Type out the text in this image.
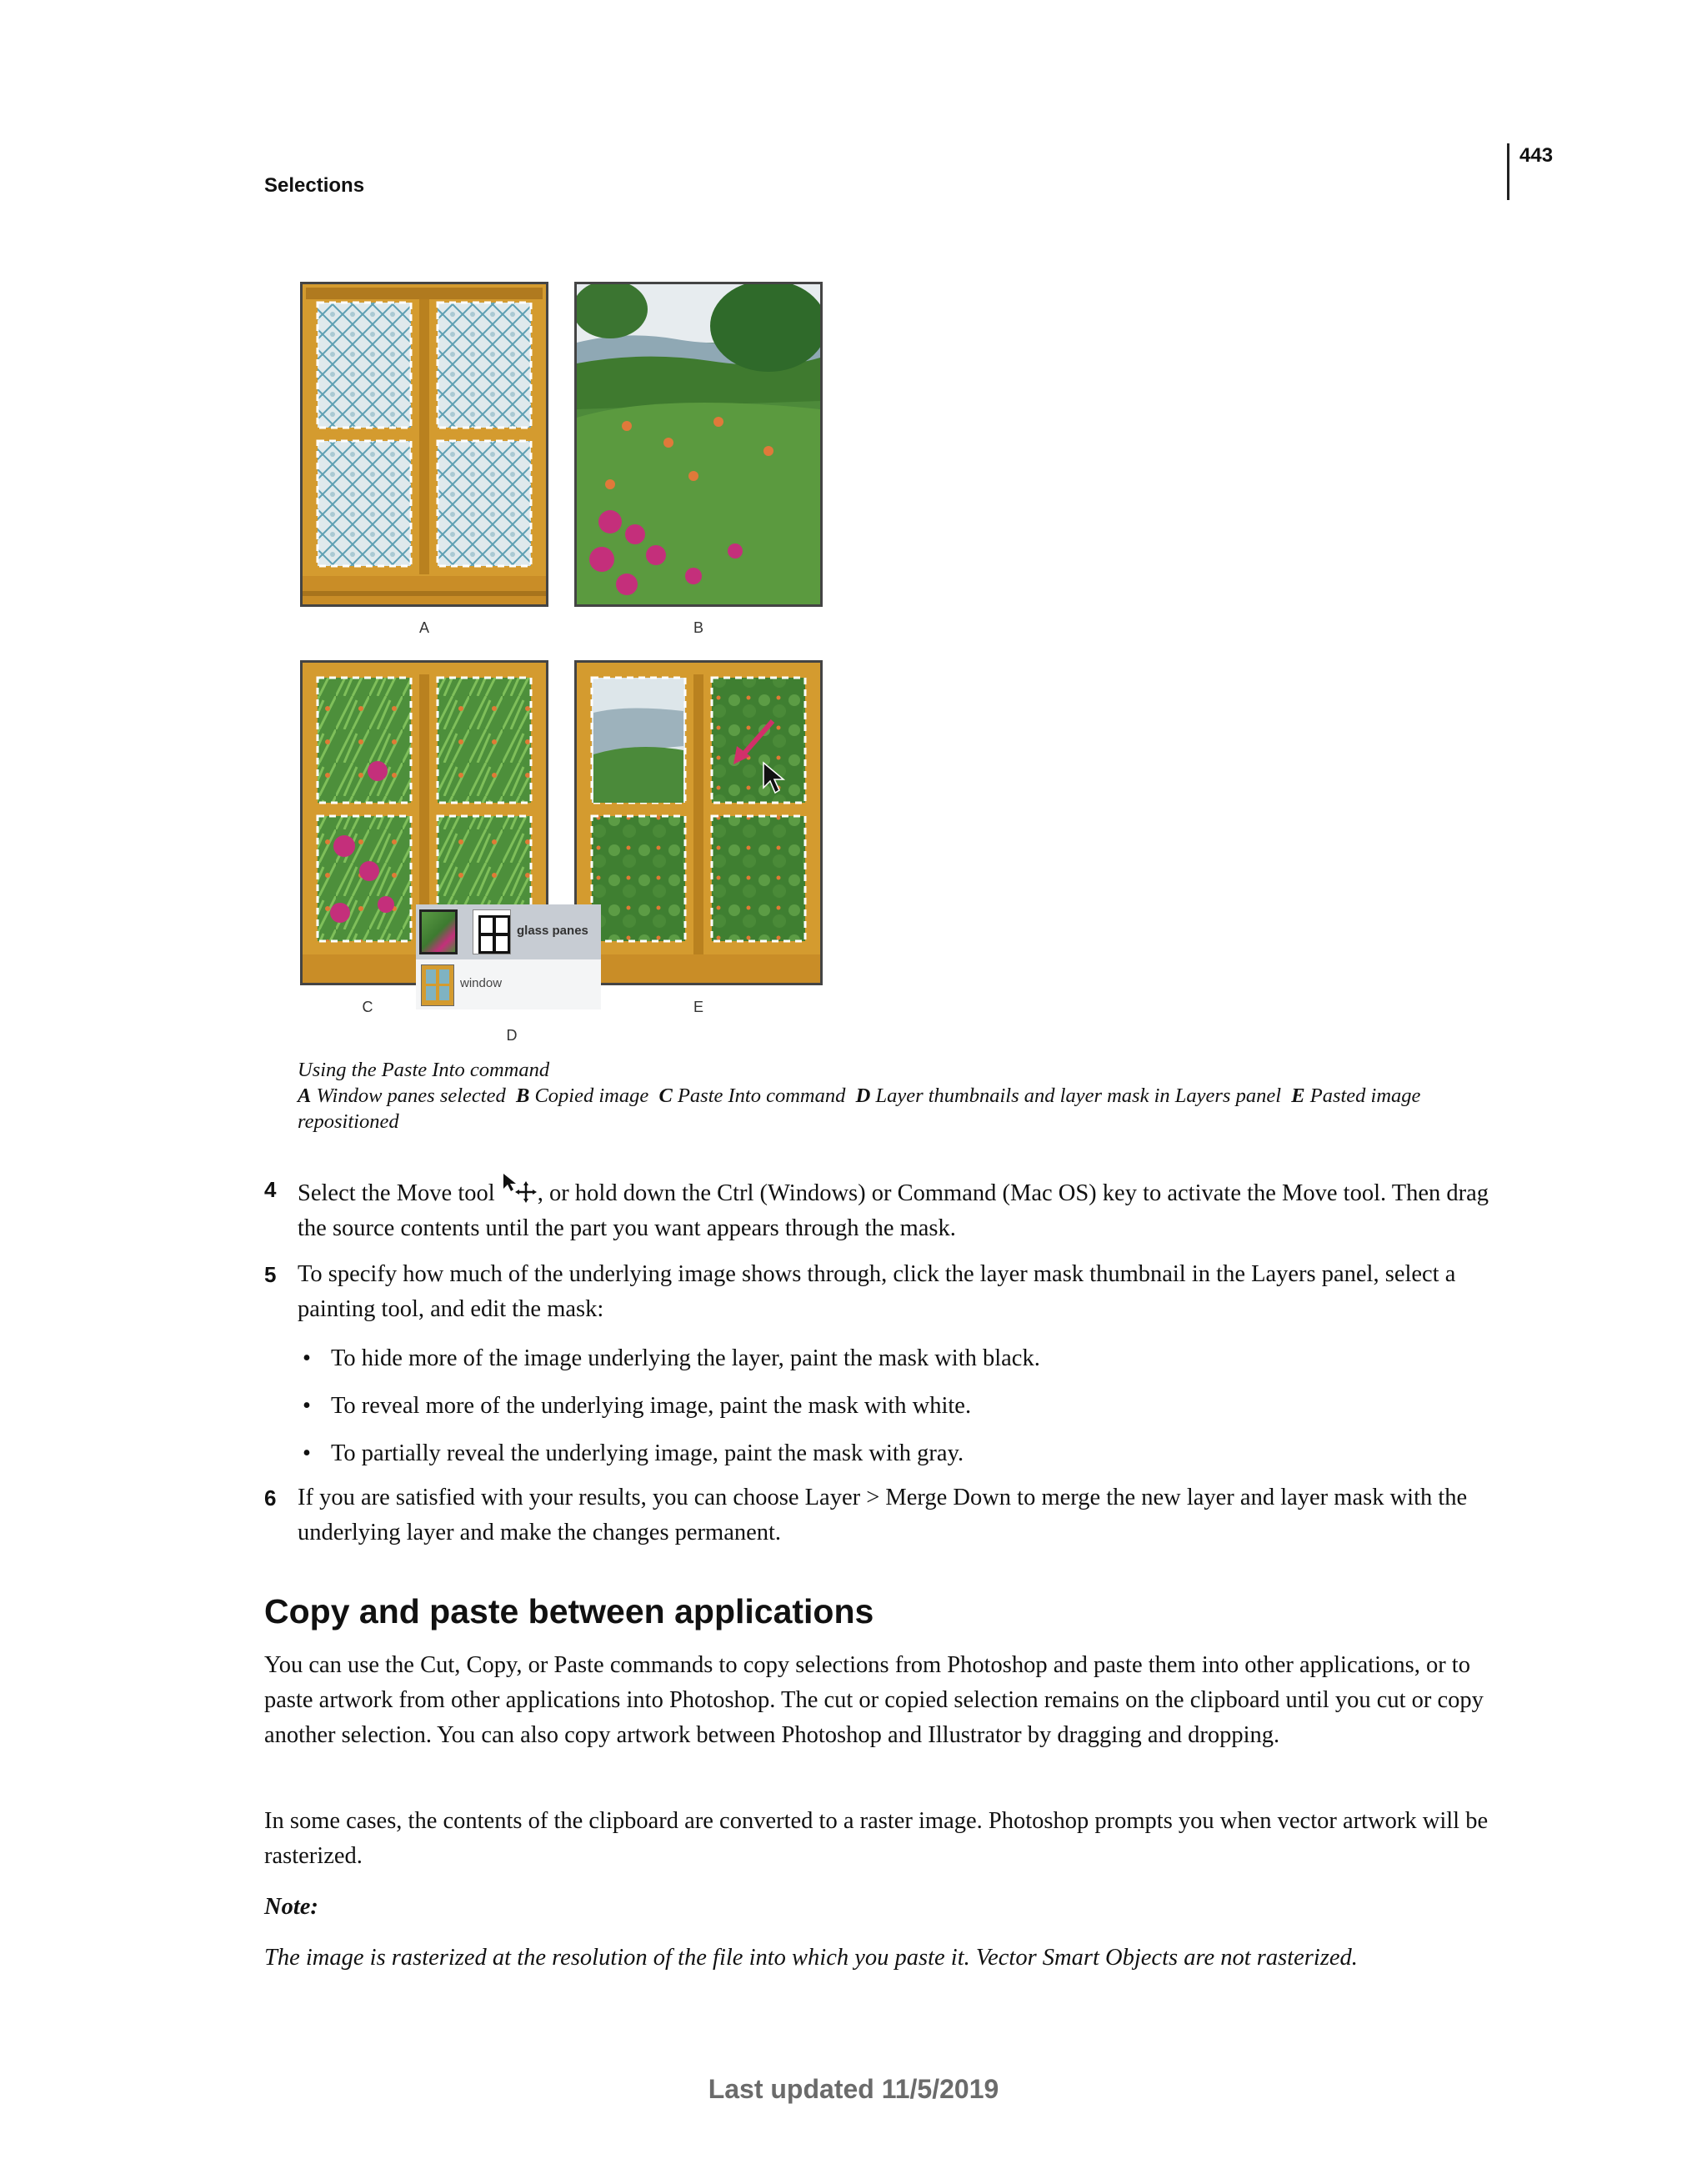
443
Selections
A	B
C	E
glass panes
window
D
Using the Paste Into command
A Window panes selected B Copied image C Paste Into command D Layer thumbnails and layer mask in Layers panel E Pasted image repositioned
4 Select the Move tool , or hold down the Ctrl (Windows) or Command (Mac OS) key to activate the Move tool. Then drag the source contents until the part you want appears through the mask.
5 To specify how much of the underlying image shows through, click the layer mask thumbnail in the Layers panel, select a painting tool, and edit the mask:
• To hide more of the image underlying the layer, paint the mask with black.
• To reveal more of the underlying image, paint the mask with white.
• To partially reveal the underlying image, paint the mask with gray.
6 If you are satisfied with your results, you can choose Layer > Merge Down to merge the new layer and layer mask with the underlying layer and make the changes permanent.
Copy and paste between applications
You can use the Cut, Copy, or Paste commands to copy selections from Photoshop and paste them into other applications, or to paste artwork from other applications into Photoshop. The cut or copied selection remains on the clipboard until you cut or copy another selection. You can also copy artwork between Photoshop and Illustrator by dragging and dropping.
In some cases, the contents of the clipboard are converted to a raster image. Photoshop prompts you when vector artwork will be rasterized.
Note:
The image is rasterized at the resolution of the file into which you paste it. Vector Smart Objects are not rasterized.
Last updated 11/5/2019
